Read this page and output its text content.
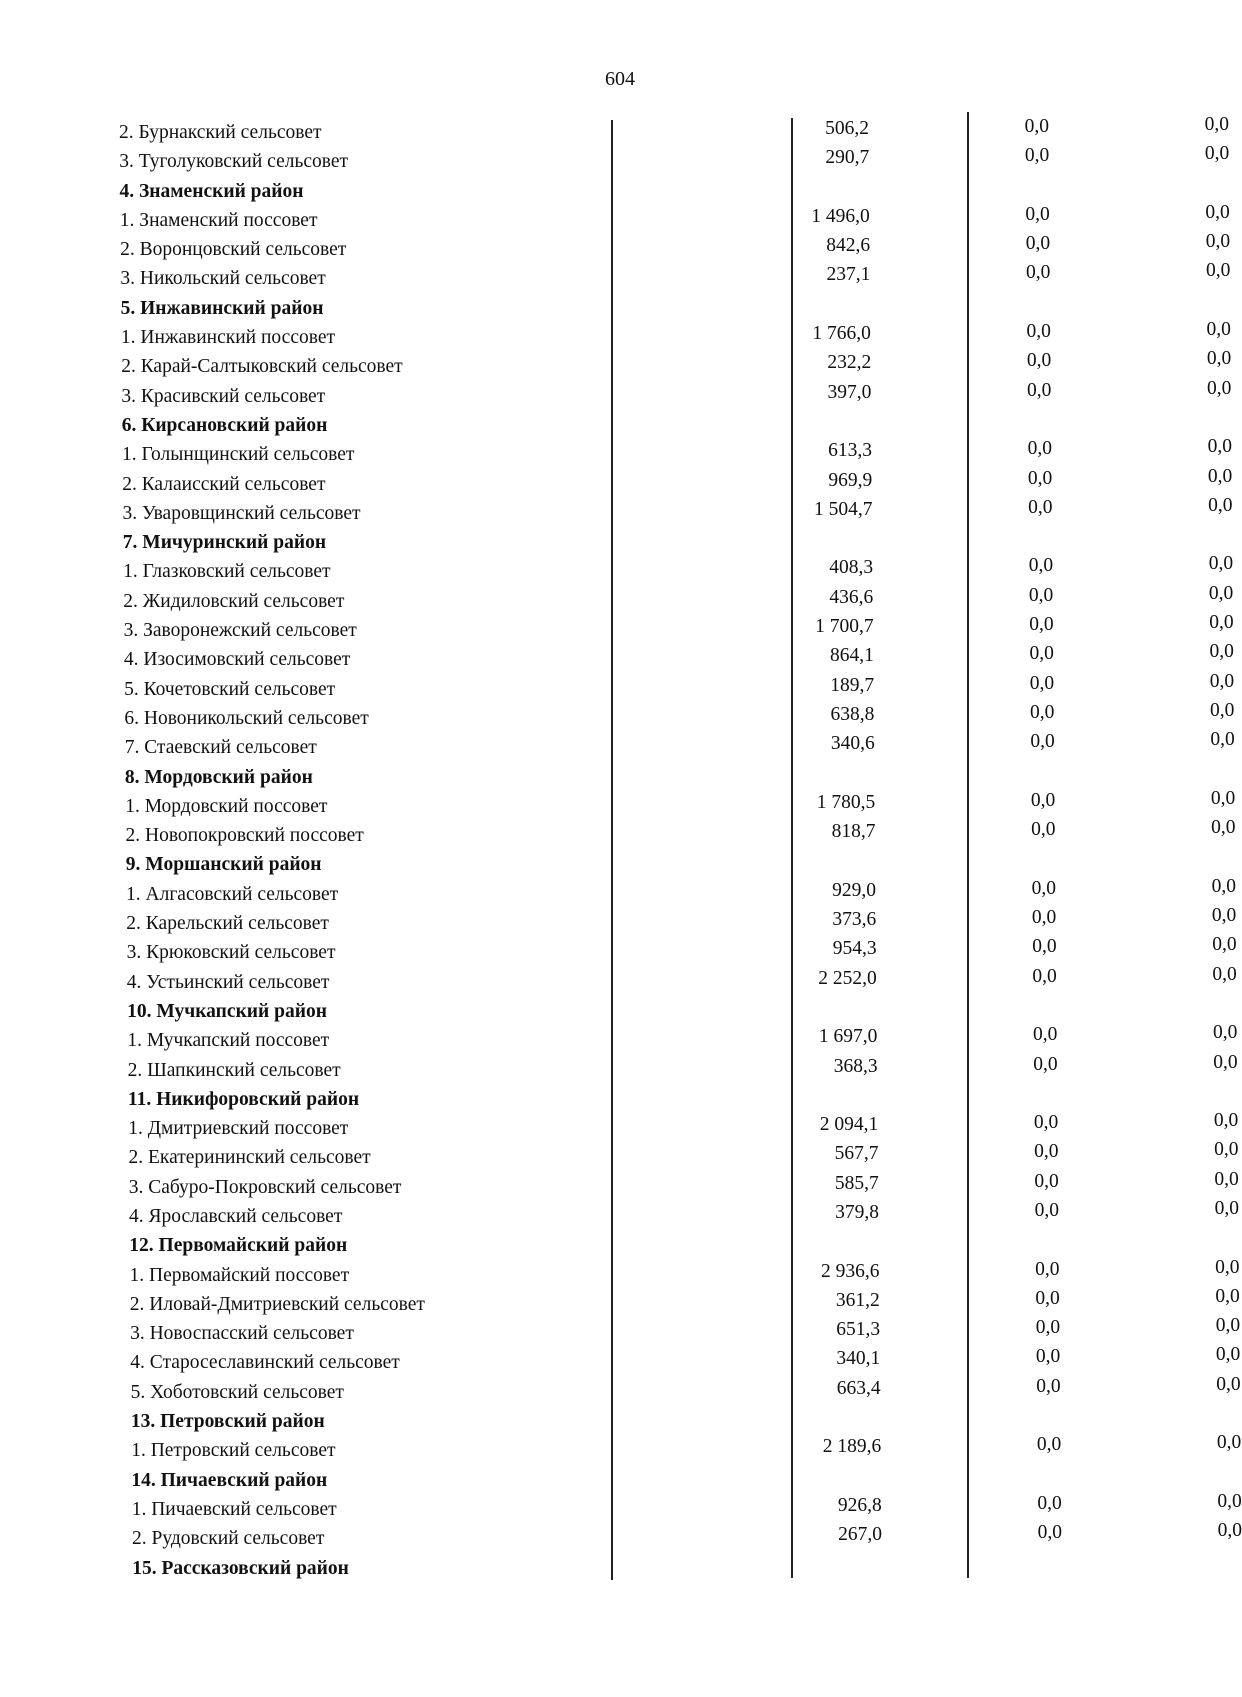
604
2. Бурнакский сельсовет	506,2	0,0	0,0
3. Туголуковский сельсовет	290,7	0,0	0,0
4. Знаменский район
1. Знаменский поссовет	1 496,0	0,0	0,0
2. Воронцовский сельсовет	842,6	0,0	0,0
3. Никольский сельсовет	237,1	0,0	0,0
5. Инжавинский район
1. Инжавинский поссовет	1 766,0	0,0	0,0
2. Карай-Салтыковский сельсовет	232,2	0,0	0,0
3. Красивский сельсовет	397,0	0,0	0,0
6. Кирсановский район
1. Голынщинский сельсовет	613,3	0,0	0,0
2. Калаисский сельсовет	969,9	0,0	0,0
3. Уваровщинский сельсовет	1 504,7	0,0	0,0
7. Мичуринский район
1. Глазковский сельсовет	408,3	0,0	0,0
2. Жидиловский сельсовет	436,6	0,0	0,0
3. Заворонежский сельсовет	1 700,7	0,0	0,0
4. Изосимовский сельсовет	864,1	0,0	0,0
5. Кочетовский сельсовет	189,7	0,0	0,0
6. Новоникольский сельсовет	638,8	0,0	0,0
7. Стаевский сельсовет	340,6	0,0	0,0
8. Мордовский район
1. Мордовский поссовет	1 780,5	0,0	0,0
2. Новопокровский поссовет	818,7	0,0	0,0
9. Моршанский район
1. Алгасовский сельсовет	929,0	0,0	0,0
2. Карельский сельсовет	373,6	0,0	0,0
3. Крюковский сельсовет	954,3	0,0	0,0
4. Устьинский сельсовет	2 252,0	0,0	0,0
10. Мучкапский район
1. Мучкапский поссовет	1 697,0	0,0	0,0
2. Шапкинский сельсовет	368,3	0,0	0,0
11. Никифоровский район
1. Дмитриевский поссовет	2 094,1	0,0	0,0
2. Екатерининский сельсовет	567,7	0,0	0,0
3. Сабуро-Покровский сельсовет	585,7	0,0	0,0
4. Ярославский сельсовет	379,8	0,0	0,0
12. Первомайский район
1. Первомайский поссовет	2 936,6	0,0	0,0
2. Иловай-Дмитриевский сельсовет	361,2	0,0	0,0
3. Новоспасский сельсовет	651,3	0,0	0,0
4. Старосеславинский сельсовет	340,1	0,0	0,0
5. Хоботовский сельсовет	663,4	0,0	0,0
13. Петровский район
1. Петровский сельсовет	2 189,6	0,0	0,0
14. Пичаевский район
1. Пичаевский сельсовет	926,8	0,0	0,0
2. Рудовский сельсовет	267,0	0,0	0,0
15. Рассказовский район
